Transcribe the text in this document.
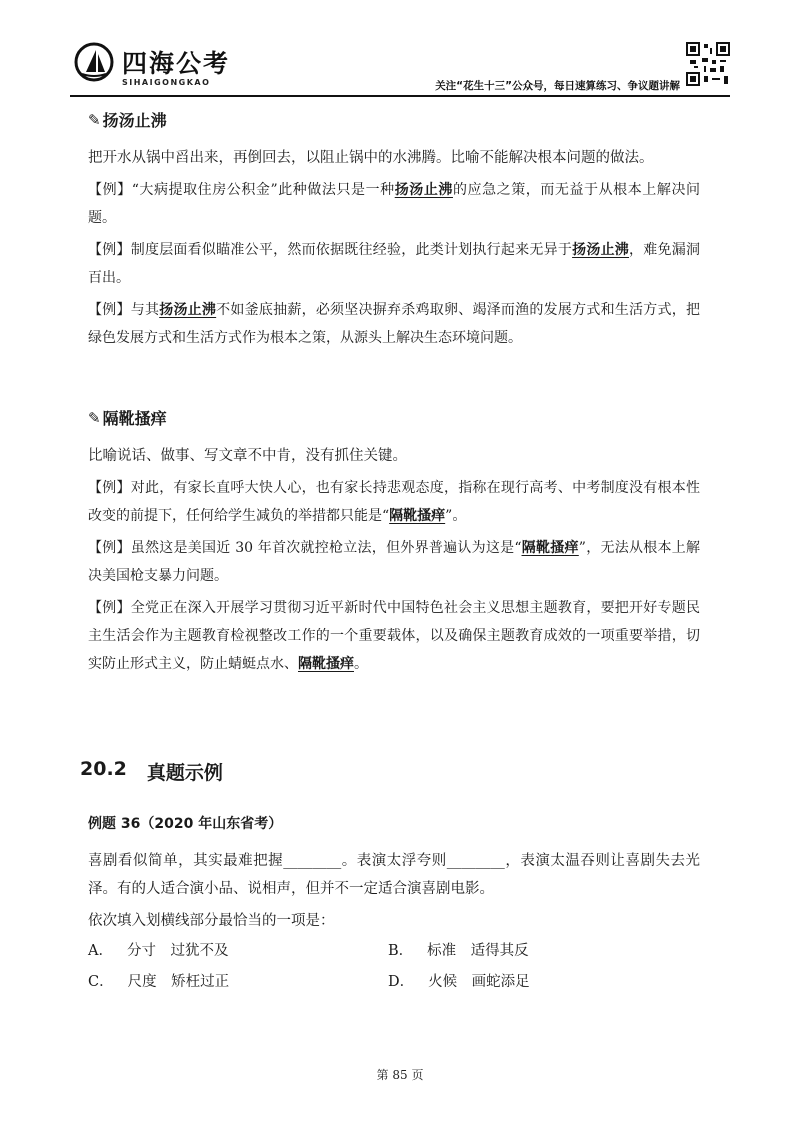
四海公考
SIHAIGONGKAO	关注“花生十三”公众号，每日速算练习、争议题讲解
✎ 扬汤止沸

把开水从锅中舀出来，再倒回去，以阻止锅中的水沸腾。比喻不能解决根本问题的做法。

【例】“大病提取住房公积金”此种做法只是一种扬汤止沸的应急之策，而无益于从根本上解决问题。

【例】制度层面看似瞄准公平，然而依据既往经验，此类计划执行起来无异于扬汤止沸，难免漏洞百出。

【例】与其扬汤止沸不如釜底抽薪，必须坚决摒弃杀鸡取卵、竭泽而渔的发展方式和生活方式，把绿色发展方式和生活方式作为根本之策，从源头上解决生态环境问题。

✎ 隔靴搔痒

比喻说话、做事、写文章不中肯，没有抓住关键。

【例】对此，有家长直呼大快人心，也有家长持悲观态度，指称在现行高考、中考制度没有根本性改变的前提下，任何给学生减负的举措都只能是“隔靴搔痒”。

【例】虽然这是美国近 30 年首次就控枪立法，但外界普遍认为这是“隔靴搔痒”，无法从根本上解决美国枪支暴力问题。

【例】全党正在深入开展学习贯彻习近平新时代中国特色社会主义思想主题教育，要把开好专题民主生活会作为主题教育检视整改工作的一个重要载体，以及确保主题教育成效的一项重要举措，切实防止形式主义，防止蜻蜓点水、隔靴搔痒。

20.2 真题示例
例题 36（2020 年山东省考）

喜剧看似简单，其实最难把握________。表演太浮夸则________，表演太温吞则让喜剧失去光泽。有的人适合演小品、说相声，但并不一定适合演喜剧电影。

依次填入划横线部分最恰当的一项是：

A． 分寸　过犹不及	B． 标准　适得其反
C． 尺度　矫枉过正	D． 火候　画蛇添足
第 85 页
